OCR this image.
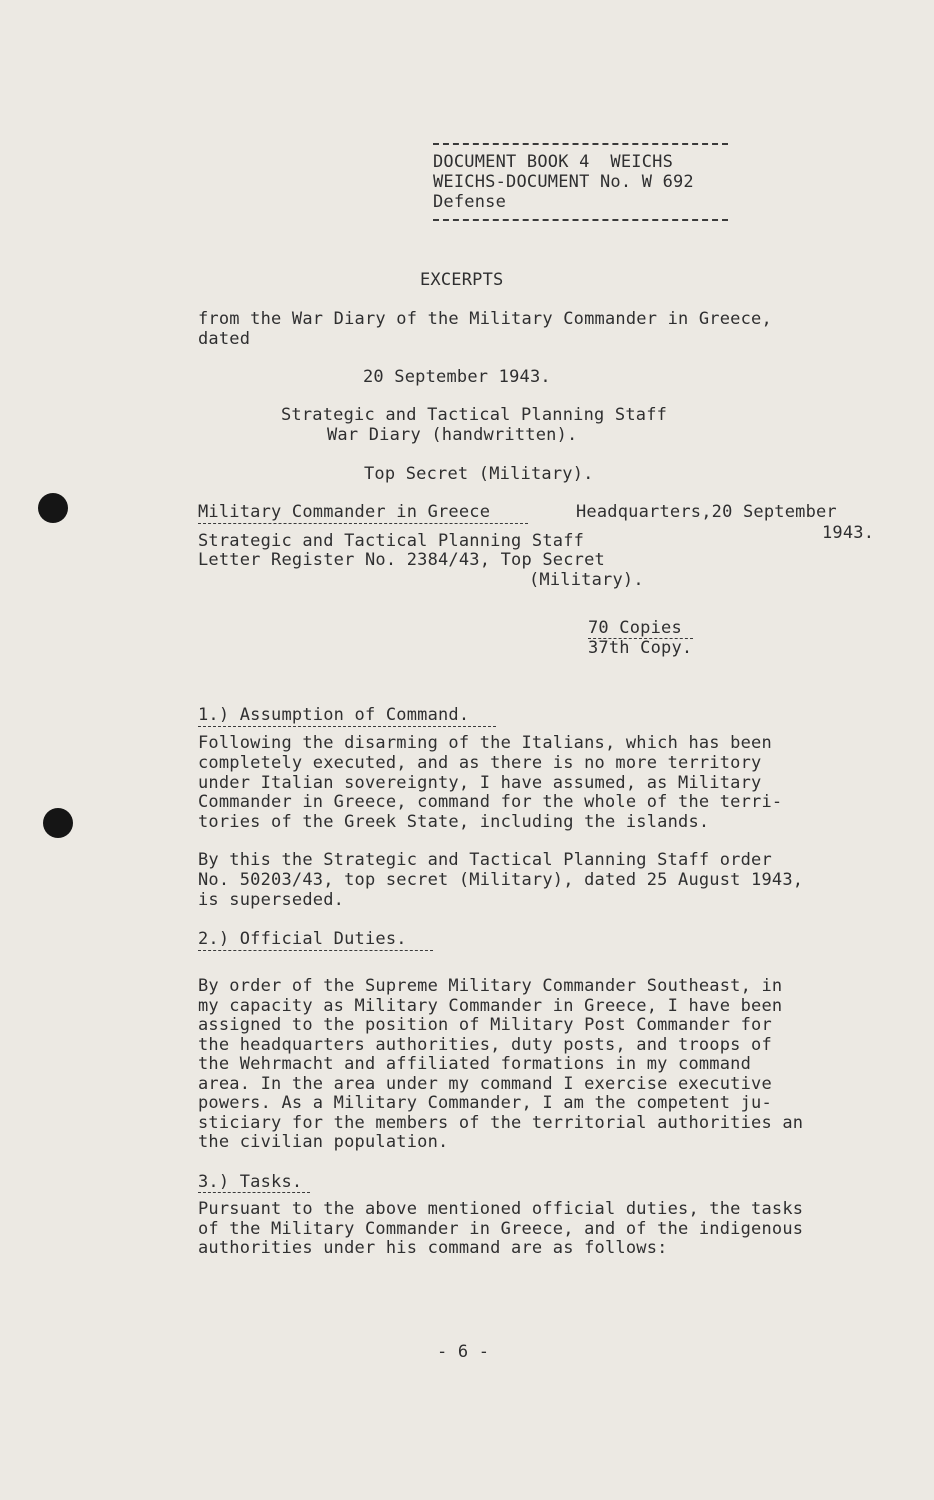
DOCUMENT BOOK 4  WEICHS
WEICHS-DOCUMENT No. W 692
Defense
EXCERPTS
from the War Diary of the Military Commander in Greece,
dated
20 September 1943.
Strategic and Tactical Planning Staff
War Diary (handwritten).
Top Secret (Military).
Military Commander in Greece	Headquarters,20 September
1943.
Strategic and Tactical Planning Staff
Letter Register No. 2384/43, Top Secret
(Military).
70 Copies
37th Copy.
1.) Assumption of Command.
Following the disarming of the Italians, which has been
completely executed, and as there is no more territory
under Italian sovereignty, I have assumed, as Military
Commander in Greece, command for the whole of the terri-
tories of the Greek State, including the islands.
By this the Strategic and Tactical Planning Staff order
No. 50203/43, top secret (Military), dated 25 August 1943,
is superseded.
2.) Official Duties.
By order of the Supreme Military Commander Southeast, in
my capacity as Military Commander in Greece, I have been
assigned to the position of Military Post Commander for
the headquarters authorities, duty posts, and troops of
the Wehrmacht and affiliated formations in my command
area. In the area under my command I exercise executive
powers. As a Military Commander, I am the competent ju-
sticiary for the members of the territorial authorities an
the civilian population.
3.) Tasks.
Pursuant to the above mentioned official duties, the tasks
of the Military Commander in Greece, and of the indigenous
authorities under his command are as follows:
- 6 -
